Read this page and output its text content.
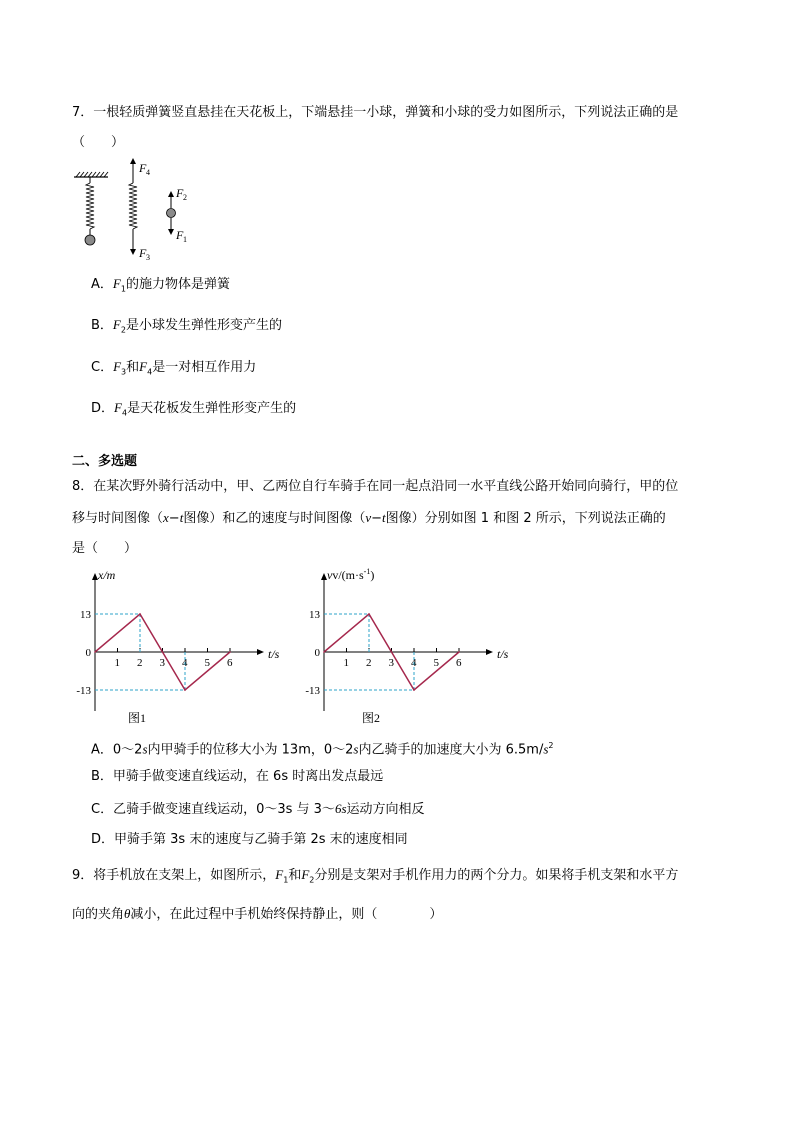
7．一根轻质弹簧竖直悬挂在天花板上，下端悬挂一小球，弹簧和小球的受力如图所示，下列说法正确的是
（　　）
F 4
F 3
F 2
F 1
A．$F_1$的施力物体是弹簧
B．$F_2$是小球发生弹性形变产生的
C．$F_3$和$F_4$是一对相互作用力
D．$F_4$是天花板发生弹性形变产生的
二、多选题
8．在某次野外骑行活动中，甲、乙两位自行车骑手在同一起点沿同一水平直线公路开始同向骑行，甲的位
移与时间图像（x−t图像）和乙的速度与时间图像（v−t图像）分别如图 1 和图 2 所示，下列说法正确的
是（　　）
x/m
t/s
图1
1 2 3 4 5 6
13
0
-13
$vv/(m\cdot s^{-1})$
t/s
图2
1 2 3 4 5 6
13
0
-13
A．0～2s内甲骑手的位移大小为 13m，0～2s内乙骑手的加速度大小为 $6.5m/s^2$
B．甲骑手做变速直线运动，在 6s 时离出发点最远
C．乙骑手做变速直线运动，0～3s 与 3～6s运动方向相反
D．甲骑手第 3s 末的速度与乙骑手第 2s 末的速度相同
9．将手机放在支架上，如图所示，$F_1$和$F_2$分别是支架对手机作用力的两个分力。如果将手机支架和水平方
向的夹角θ减小，在此过程中手机始终保持静止，则（　　　　）
